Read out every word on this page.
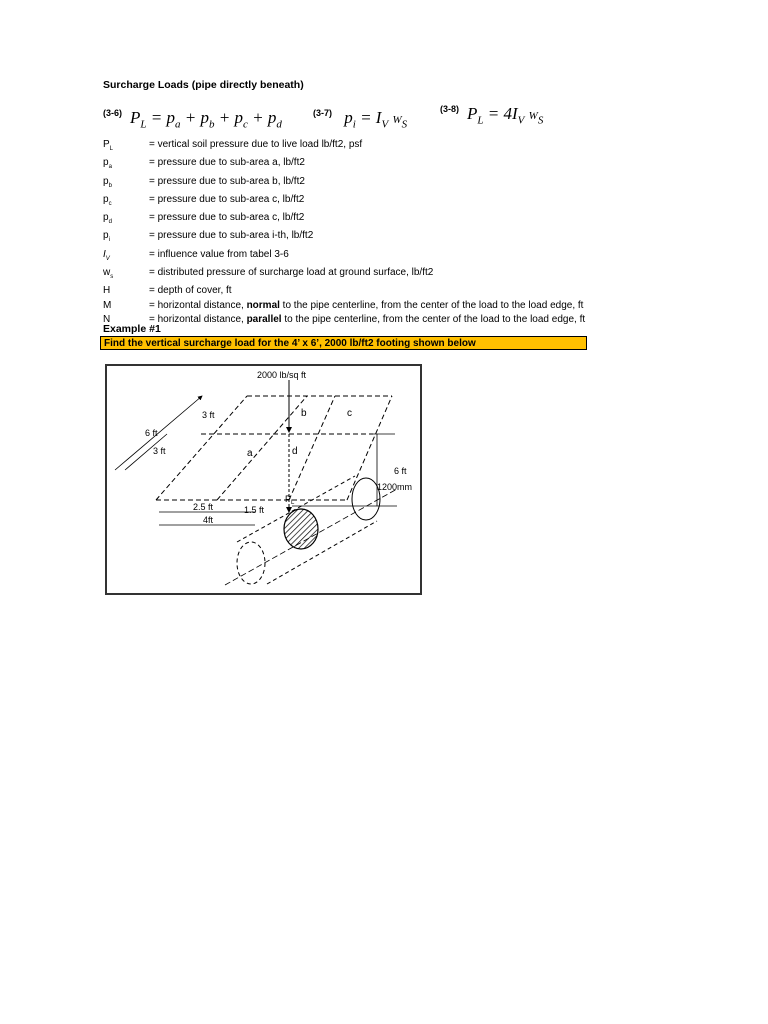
Surcharge Loads (pipe directly beneath)
$^{(3-6)}$ $P_L = p_a + p_b + p_c + p_d$
$^{(3-7)}$  $p_i = I_V$ $W_S$
$^{(3-8)}$ $P_L = 4I_V$ $W_S$
$P_L$	= vertical soil pressure due to live load lb/ft2, psf
$p_a$	= pressure due to sub-area a, lb/ft2
$p_b$	= pressure due to sub-area b, lb/ft2
$p_c$	= pressure due to sub-area c, lb/ft2
$p_d$	= pressure due to sub-area c, lb/ft2
$p_i$	= pressure due to sub-area i-th, lb/ft2
$I_V$	= influence value from tabel 3-6
$w_s$	= distributed pressure of surcharge load at ground surface, lb/ft2
H	= depth of cover, ft
M	= horizontal distance, normal to the pipe centerline, from the center of the load to the load edge, ft
N	= horizontal distance, parallel to the pipe centerline, from the center of the load to the load edge, ft
Example #1
Find the vertical surcharge load for the 4’ x 6’, 2000 lb/ft2 footing shown below
2000 lb/sq ft
3 ft
6 ft
3 ft	a
b	c
d
2.5 ft	1.5 ft
4ft
6 ft
1200mm
$P_L$
